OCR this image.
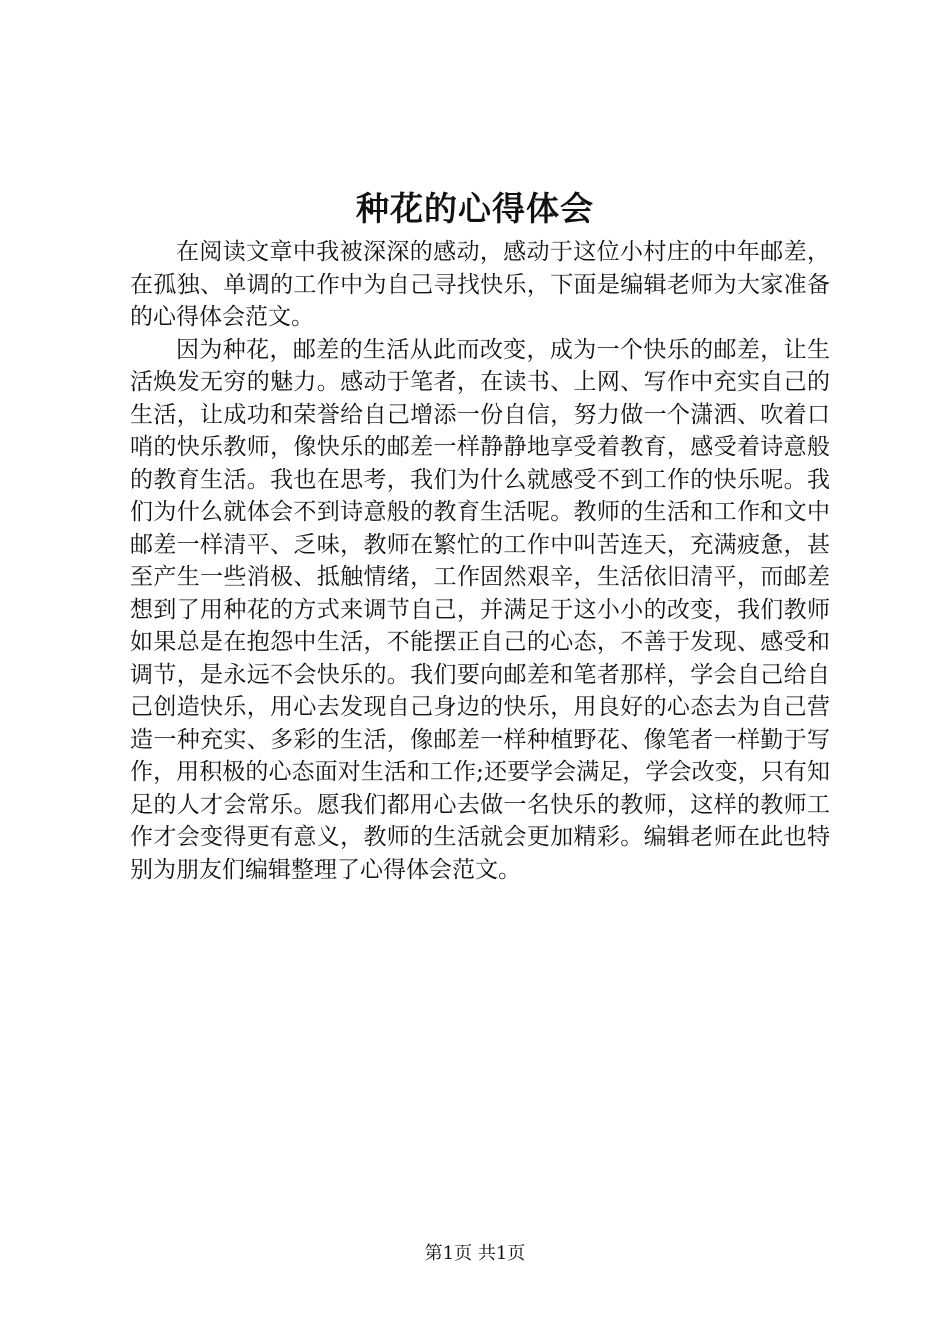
种花的心得体会

在阅读文章中我被深深的感动，感动于这位小村庄的中年邮差，在孤独、单调的工作中为自己寻找快乐，下面是编辑老师为大家准备的心得体会范文。

因为种花，邮差的生活从此而改变，成为一个快乐的邮差，让生活焕发无穷的魅力。感动于笔者，在读书、上网、写作中充实自己的生活，让成功和荣誉给自己增添一份自信，努力做一个潇洒、吹着口哨的快乐教师，像快乐的邮差一样静静地享受着教育，感受着诗意般的教育生活。我也在思考，我们为什么就感受不到工作的快乐呢。我们为什么就体会不到诗意般的教育生活呢。教师的生活和工作和文中邮差一样清平、乏味，教师在繁忙的工作中叫苦连天，充满疲惫，甚至产生一些消极、抵触情绪，工作固然艰辛，生活依旧清平，而邮差想到了用种花的方式来调节自己，并满足于这小小的改变，我们教师如果总是在抱怨中生活，不能摆正自己的心态，不善于发现、感受和调节，是永远不会快乐的。我们要向邮差和笔者那样，学会自己给自己创造快乐，用心去发现自己身边的快乐，用良好的心态去为自己营造一种充实、多彩的生活，像邮差一样种植野花、像笔者一样勤于写作，用积极的心态面对生活和工作;还要学会满足，学会改变，只有知足的人才会常乐。愿我们都用心去做一名快乐的教师，这样的教师工作才会变得更有意义，教师的生活就会更加精彩。编辑老师在此也特别为朋友们编辑整理了心得体会范文。

第1页 共1页
